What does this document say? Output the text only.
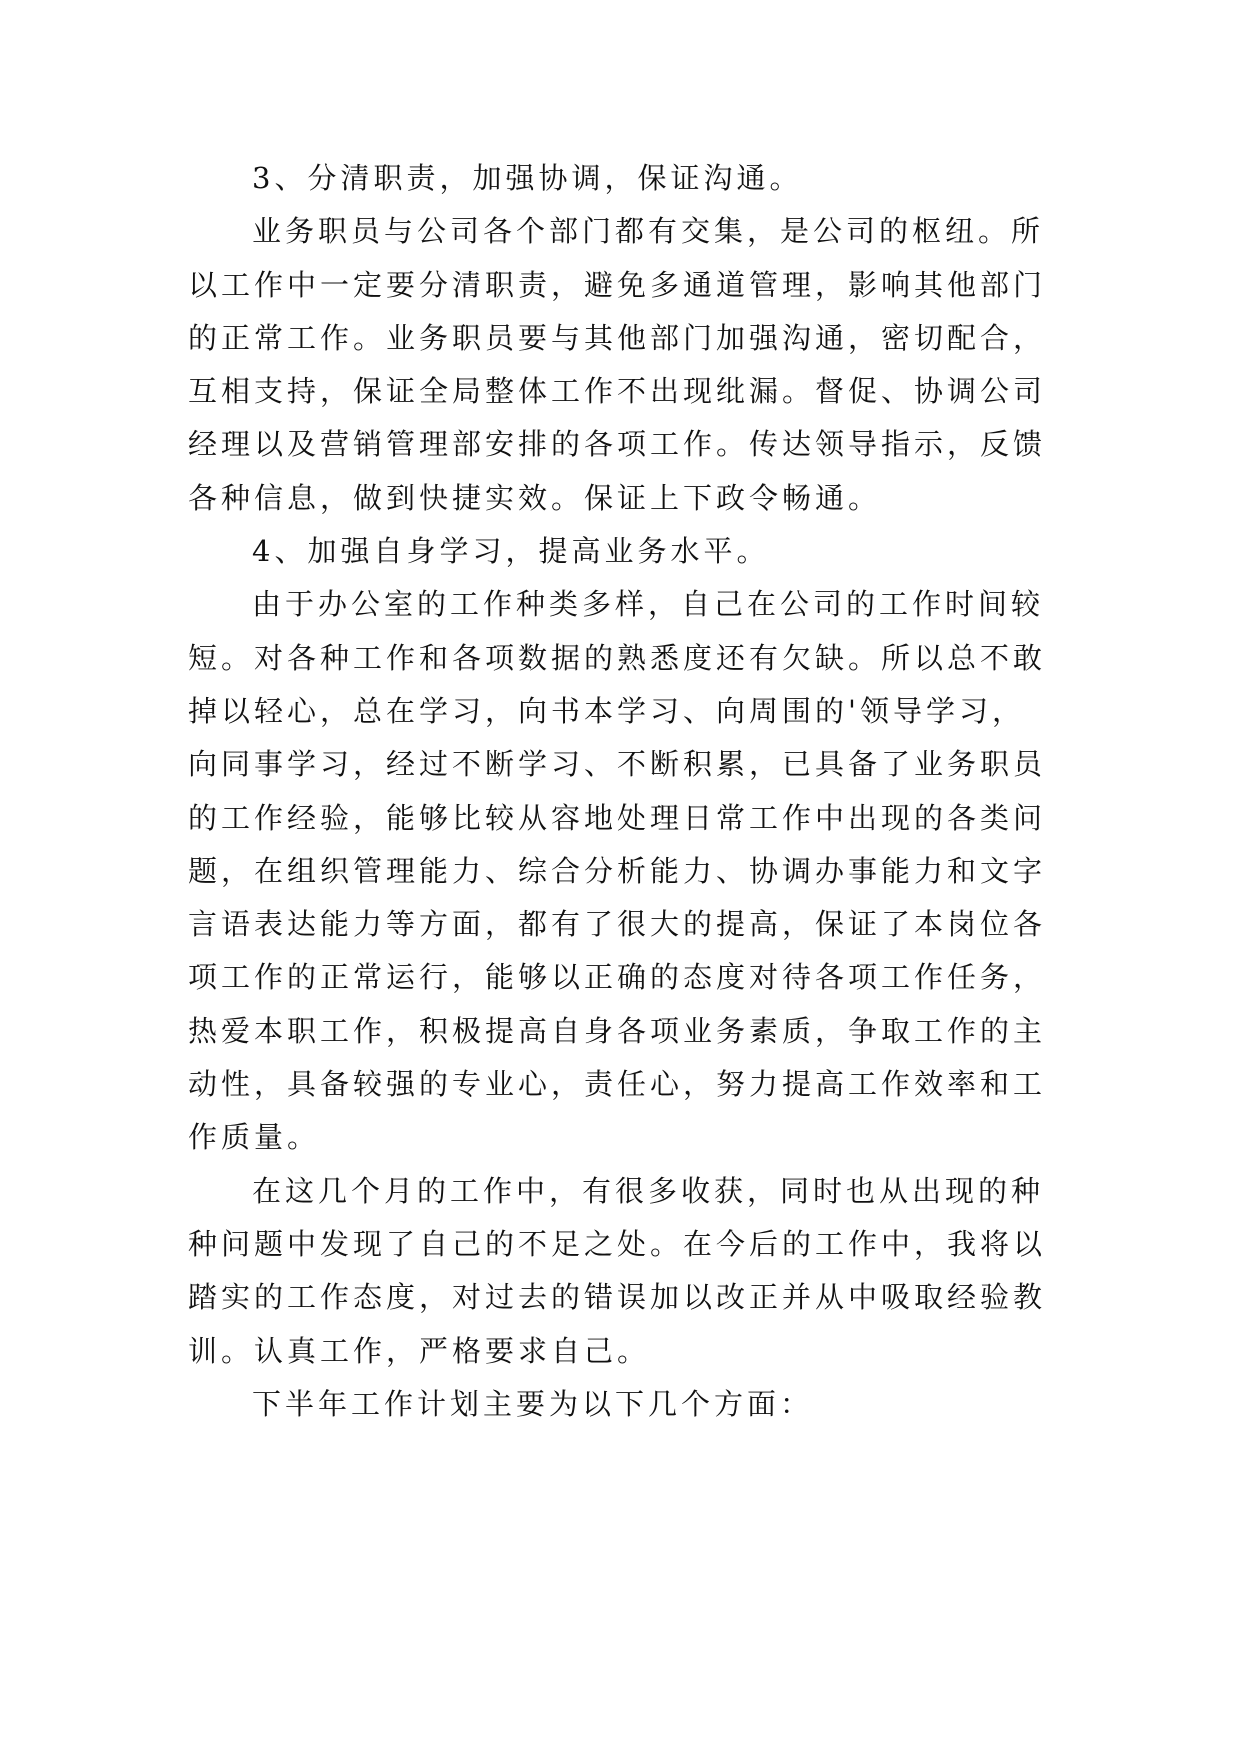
3、分清职责，加强协调，保证沟通。
业务职员与公司各个部门都有交集，是公司的枢纽。所
以工作中一定要分清职责，避免多通道管理，影响其他部门
的正常工作。业务职员要与其他部门加强沟通，密切配合，
互相支持，保证全局整体工作不出现纰漏。督促、协调公司
经理以及营销管理部安排的各项工作。传达领导指示，反馈
各种信息，做到快捷实效。保证上下政令畅通。
4、加强自身学习，提高业务水平。
由于办公室的工作种类多样，自己在公司的工作时间较
短。对各种工作和各项数据的熟悉度还有欠缺。所以总不敢
掉以轻心，总在学习，向书本学习、向周围的'领导学习，
向同事学习，经过不断学习、不断积累，已具备了业务职员
的工作经验，能够比较从容地处理日常工作中出现的各类问
题，在组织管理能力、综合分析能力、协调办事能力和文字
言语表达能力等方面，都有了很大的提高，保证了本岗位各
项工作的正常运行，能够以正确的态度对待各项工作任务，
热爱本职工作，积极提高自身各项业务素质，争取工作的主
动性，具备较强的专业心，责任心，努力提高工作效率和工
作质量。
在这几个月的工作中，有很多收获，同时也从出现的种
种问题中发现了自己的不足之处。在今后的工作中，我将以
踏实的工作态度，对过去的错误加以改正并从中吸取经验教
训。认真工作，严格要求自己。
下半年工作计划主要为以下几个方面：
